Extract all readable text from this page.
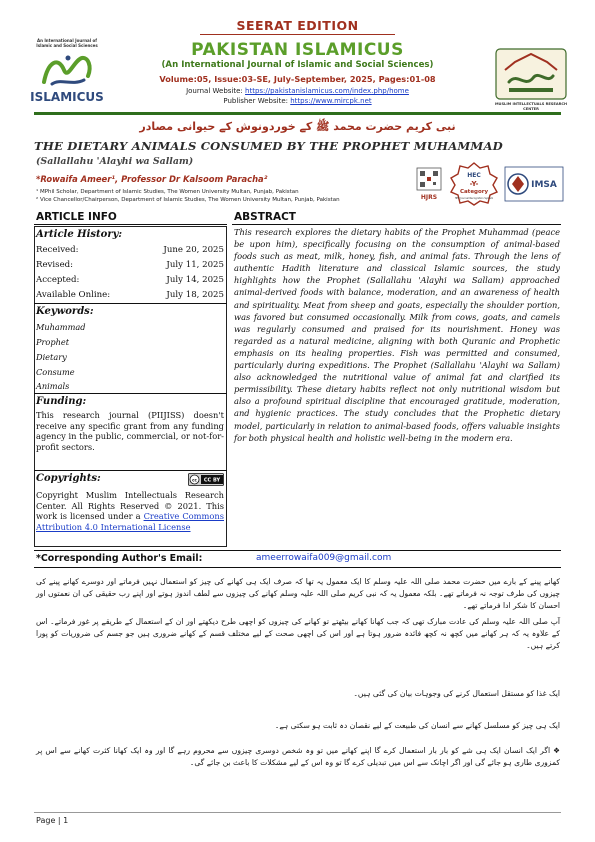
SEERAT EDITION
An International Journal of Islamic and Social Sciences
ISLAMICUS
PAKISTAN ISLAMICUS
(An International Journal of Islamic and Social Sciences)
Volume:05, Issue:03-SE, July-September, 2025, Pages:01-08
Journal Website: https://pakistanislamicus.com/index.php/home
Publisher Website: https://www.mircpk.net	MUSLIM INTELLECTUALS RESEARCH CENTER
نبی کریم حضرت محمد ﷺ کے خوردونوش کے حیوانی مصادر
THE DIETARY ANIMALS CONSUMED BY THE PROPHET MUHAMMAD
(Sallallahu 'Alayhi wa Sallam)
*Rowaifa Ameer¹, Professor Dr Kalsoom Paracha²
¹ MPhil Scholar, Department of Islamic Studies, The Women University Multan, Punjab, Pakistan
² Vice Chancellor/Chairperson, Department of Islamic Studies, The Women University Multan, Punjab, Pakistan	HJRS
HEC
-Y-
Category
HEC Journal Recognition System
IMSA
ARTICLE INFO
Article History:
Received:	June 20, 2025
Revised:	July 11, 2025
Accepted:	July 14, 2025
Available Online:	July 18, 2025
Keywords:
Muhammad
Prophet
Dietary
Consume
Animals
Funding:
This research journal (PIIJISS) doesn't receive any specific grant from any funding agency in the public, commercial, or not-for-profit sectors.
Copyrights:	cc CC BY
Copyright Muslim Intellectuals Research Center. All Rights Reserved © 2021. This work is licensed under a Creative Commons Attribution 4.0 International License
ABSTRACT
This research explores the dietary habits of the Prophet Muhammad (peace be upon him), specifically focusing on the consumption of animal-based foods such as meat, milk, honey, fish, and animal fats. Through the lens of authentic Hadith literature and classical Islamic sources, the study highlights how the Prophet (Sallallahu 'Alayhi wa Sallam) approached animal-derived foods with balance, moderation, and an awareness of health and spirituality. Meat from sheep and goats, especially the shoulder portion, was favored but consumed occasionally. Milk from cows, goats, and camels was regularly consumed and praised for its nourishment. Honey was regarded as a natural medicine, aligning with both Quranic and Prophetic emphasis on its healing properties. Fish was permitted and consumed, particularly during expeditions. The Prophet (Sallallahu 'Alayhi wa Sallam) also acknowledged the nutritional value of animal fat and clarified its permissibility. These dietary habits reflect not only nutritional wisdom but also a profound spiritual discipline that encouraged gratitude, moderation, and hygienic practices. The study concludes that the Prophetic dietary model, particularly in relation to animal-based foods, offers valuable insights for both physical health and holistic well-being in the modern era.
*Corresponding Author's Email:	ameerrowaifa009@gmail.com
کھانے پینے کے بارے میں حضرت محمد صلی اللہ علیہ وسلم کا ایک معمول یہ تھا کہ صرف ایک ہی کھانے کی چیز کو استعمال نہیں فرماتے اور دوسرے کھانے پینے کی چیزوں کی طرف توجہ نہ فرماتے تھے۔ بلکہ معمول یہ کہ نبی کریم صلی اللہ علیہ وسلم کھانے کی چیزوں سے لطف اندوز ہوتے اور اپنے رب حقیقی کی ان نعمتوں اور احسان کا شکر ادا فرماتے تھے۔
آپ صلی اللہ علیہ وسلم کی عادت مبارک تھی کہ جب کھانا کھانے بیٹھتے تو کھانے کی چیزوں کو اچھی طرح دیکھتے اور ان کے استعمال کے طریقے پر غور فرماتے۔ اس کے علاوہ یہ کہ ہر کھانے میں کچھ نہ کچھ فائدہ ضرور ہوتا ہے اور اس کی اچھی صحت کے لیے مختلف قسم کے کھانے ضروری ہیں جو جسم کی ضروریات کو پورا کرتے ہیں۔
ایک غذا کو مستقل استعمال کرنے کی وجوہات بیان کی گئی ہیں۔
ایک ہی چیز کو مسلسل کھانے سے انسان کی طبیعت کے لیے نقصان دہ ثابت ہو سکتی ہے۔
❖ اگر ایک انسان ایک ہی شے کو بار بار استعمال کرے گا اپنے کھانے میں تو وہ شخص دوسری چیزوں سے محروم رہے گا اور وہ ایک کھانا کثرت کھانے سے اس پر کمزوری طاری ہو جائے گی اور اگر اچانک سے اس میں تبدیلی کرے گا تو وہ اس کے لیے مشکلات کا باعث بن جائے گی۔
Page | 1
